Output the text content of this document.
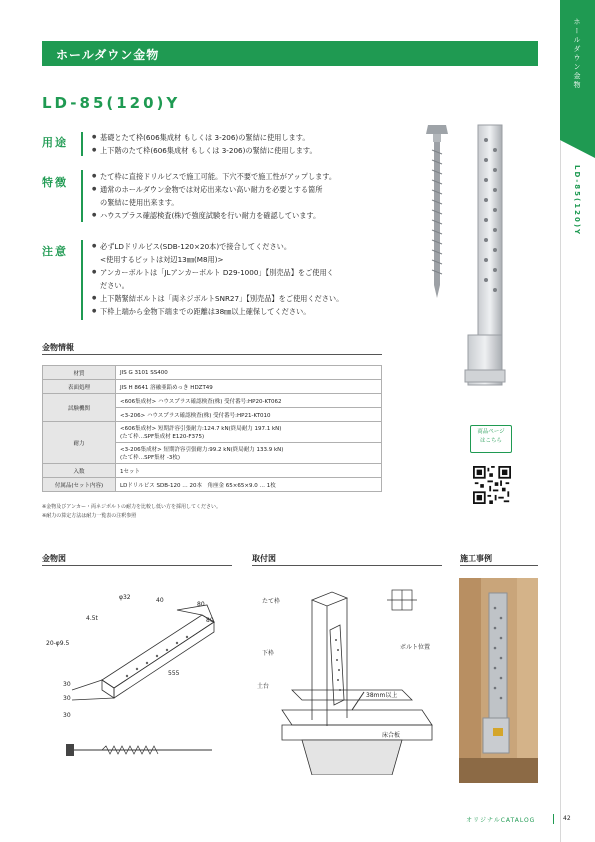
ホールダウン金物
LD-85(120)Y
ホールダウン金物
LD-85(120)Y
用途	● 基礎とたて枠(606集成材 もしくは 3-206)の緊結に使用します。
● 上下階のたて枠(606集成材 もしくは 3-206)の緊結に使用します。
特徴	● たて枠に直接ドリルビスで施工可能。下穴不要で施工性がアップします。
● 通常のホールダウン金物では対応出来ない高い耐力を必要とする箇所
の緊結に使用出来ます。
● ハウスプラス確認検査(株)で強度試験を行い耐力を確認しています。
注意	● 必ずLDドリルビス(SDB-120×20本)で接合してください。
<使用するビットは対辺13㎜(M8用)>
● アンカーボルトは「JLアンカーボルト D29-1000」【別売品】をご使用く
ださい。
● 上下階緊結ボルトは「両ネジボルトSNR27」【別売品】をご使用ください。
● 下枠上端から金物下端までの距離は38㎜以上確保してください。
金物情報
材質	JIS G 3101 SS400
表面処理	JIS H 8641 溶融亜鉛めっき HDZT49
試験機関	<606集成材> ハウスプラス確認検査(株) 受付番号:HP20-KT062
	<3-206> ハウスプラス確認検査(株) 受付番号:HP21-KT010
耐力	<606集成材> 短期許容引張耐力:124.7 kN(終局耐力 197.1 kN)
(たて枠…SPF集成材 E120-F375)

	<3-206集成材> 短期許容引張耐力:99.2 kN(終局耐力 133.9 kN)
(たて枠…SPF集材 -3枚)

入数	1セット
付属品(セット内容)	LDドリルビス SDB-120 … 20本　角座金 65×65×9.0 … 1枚
※金物及びアンカー・両ネジボルトの耐力を比較し低い方を採用してください。
※耐力の算定方法は耐力一覧表の注釈参照
商品ページ
はこちら
金物図
φ32	40
80
4.5t	80
20-φ9.5
555
30
30
30
取付図
たて枠
下枠
土台
38mm以上
床合板
ボルト位置
施工事例
オリジナルCATALOG	42
